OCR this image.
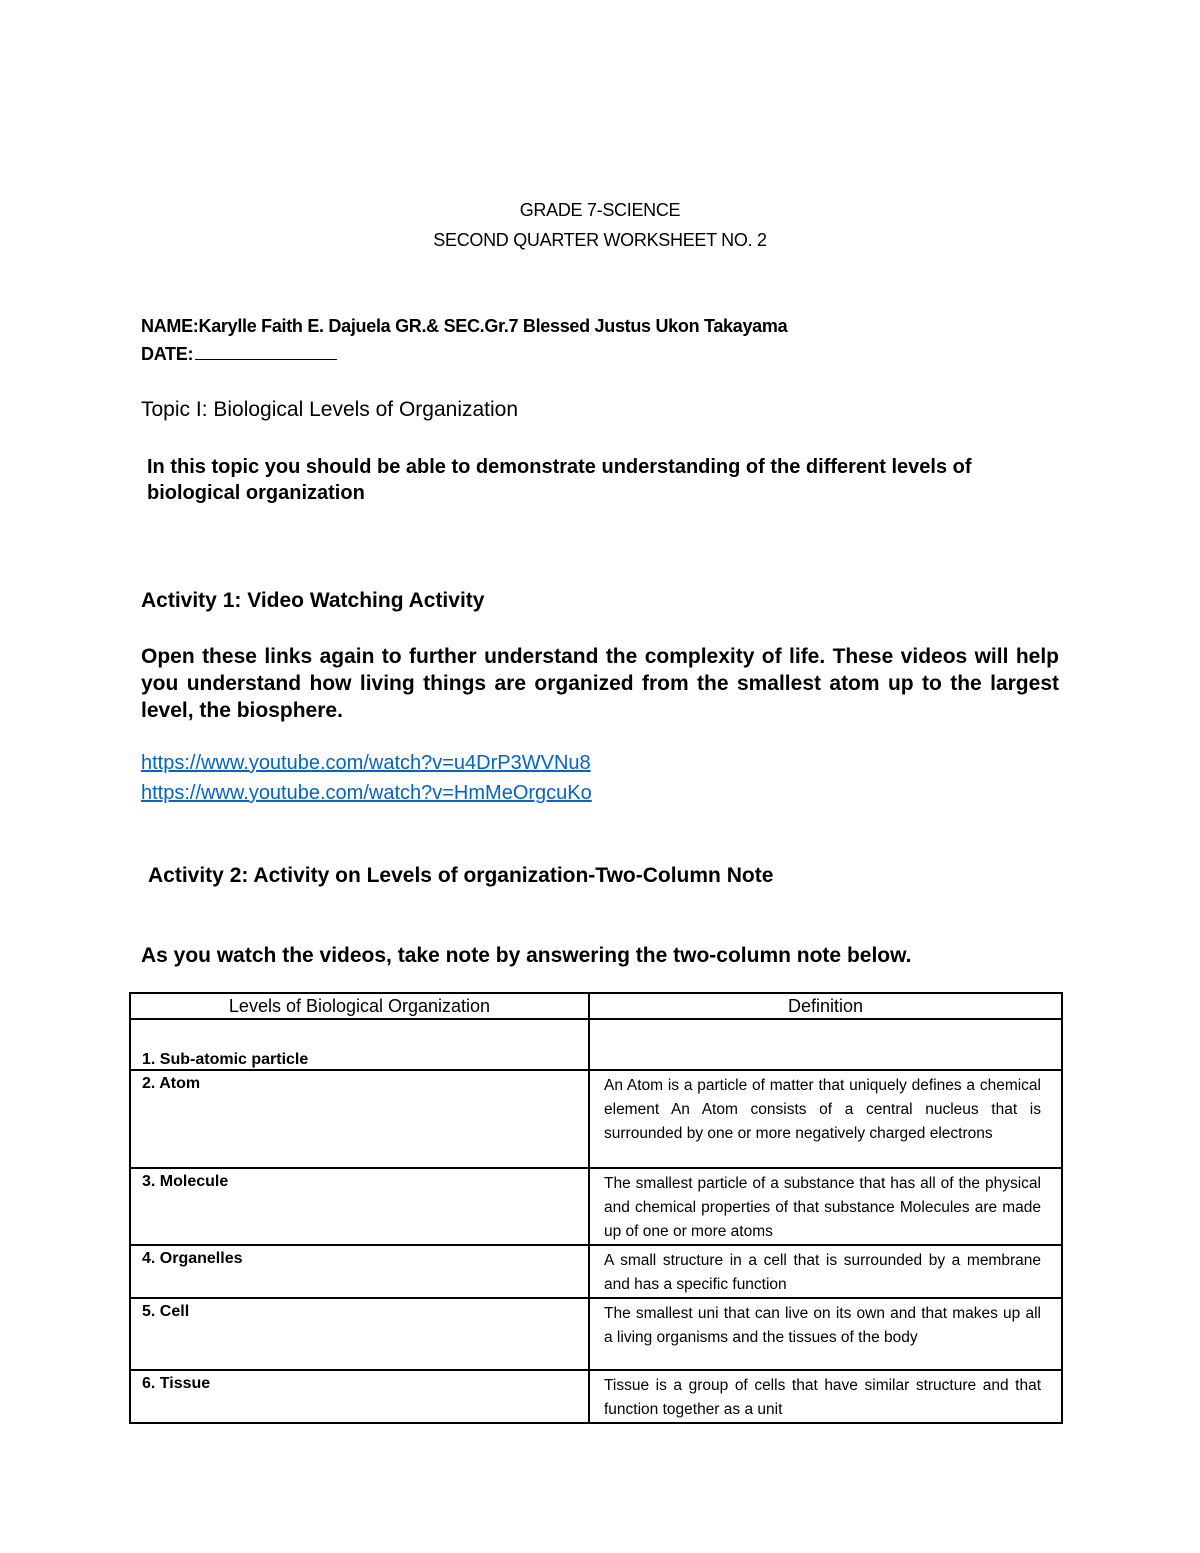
GRADE 7-SCIENCE
SECOND QUARTER WORKSHEET NO. 2
NAME:Karylle Faith E. Dajuela GR.& SEC.Gr.7 Blessed Justus Ukon Takayama
DATE:
Topic I: Biological Levels of Organization
In this topic you should be able to demonstrate understanding of the different levels of biological organization
Activity 1: Video Watching Activity
Open these links again to further understand the complexity of life. These videos will help you understand how living things are organized from the smallest atom up to the largest level, the biosphere.
https://www.youtube.com/watch?v=u4DrP3WVNu8
https://www.youtube.com/watch?v=HmMeOrgcuKo
Activity 2: Activity on Levels of organization-Two-Column Note
As you watch the videos, take note by answering the two-column note below.
Levels of Biological Organization	Definition
1. Sub-atomic particle	
2. Atom	An Atom is a particle of matter that uniquely defines a chemical element An Atom consists of a central nucleus that is surrounded by one or more negatively charged electrons
3. Molecule	The smallest particle of a substance that has all of the physical and chemical properties of that substance Molecules are made up of one or more atoms
4. Organelles	A small structure in a cell that is surrounded by a membrane and has a specific function
5. Cell	The smallest uni that can live on its own and that makes up all a living organisms and the tissues of the body
6. Tissue	Tissue is a group of cells that have similar structure and that function together as a unit
